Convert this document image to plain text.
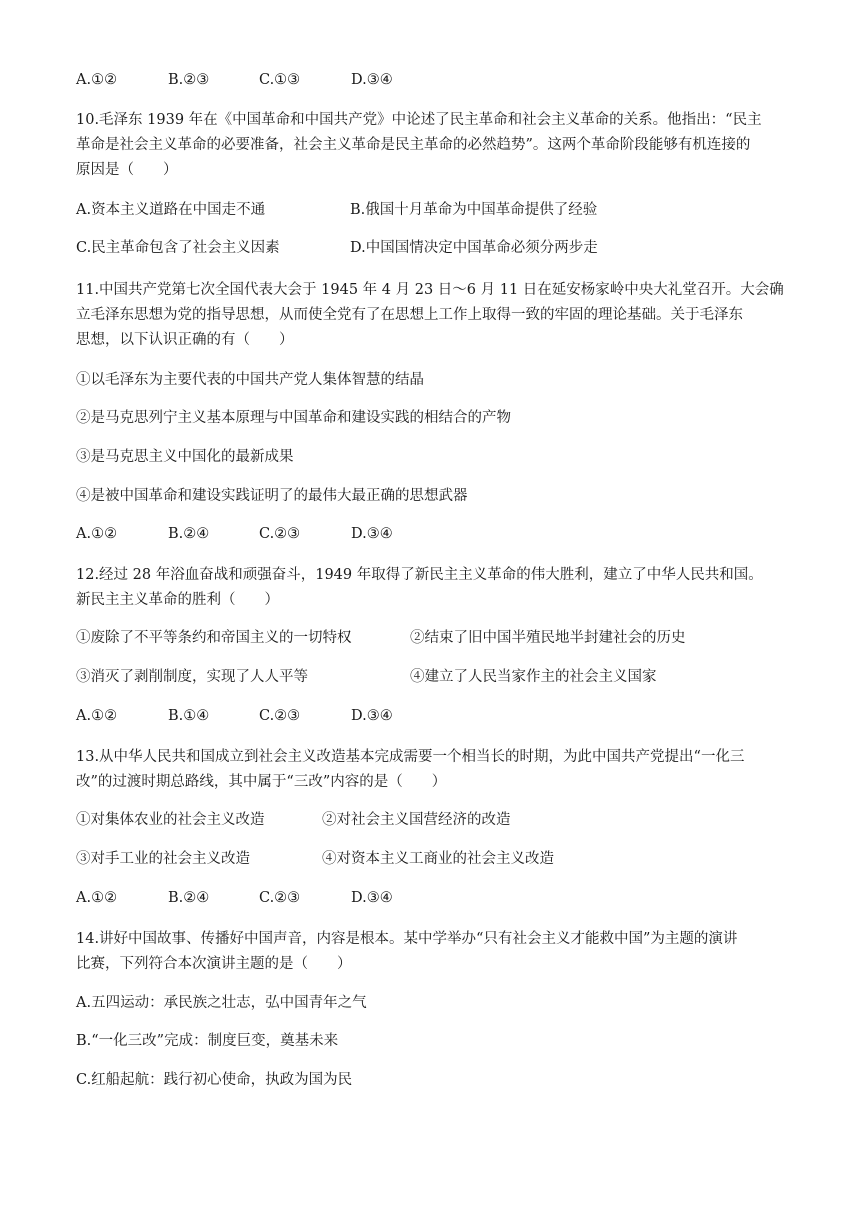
A.①②	B.②③	C.①③	D.③④
10.毛泽东 1939 年在《中国革命和中国共产党》中论述了民主革命和社会主义革命的关系。他指出：“民主
革命是社会主义革命的必要准备，社会主义革命是民主革命的必然趋势”。这两个革命阶段能够有机连接的
原因是（　　）
A.资本主义道路在中国走不通	B.俄国十月革命为中国革命提供了经验
C.民主革命包含了社会主义因素	D.中国国情决定中国革命必须分两步走
11.中国共产党第七次全国代表大会于 1945 年 4 月 23 日～6 月 11 日在延安杨家岭中央大礼堂召开。大会确
立毛泽东思想为党的指导思想，从而使全党有了在思想上工作上取得一致的牢固的理论基础。关于毛泽东
思想，以下认识正确的有（　　）
①以毛泽东为主要代表的中国共产党人集体智慧的结晶
②是马克思列宁主义基本原理与中国革命和建设实践的相结合的产物
③是马克思主义中国化的最新成果
④是被中国革命和建设实践证明了的最伟大最正确的思想武器
A.①②	B.②④	C.②③	D.③④
12.经过 28 年浴血奋战和顽强奋斗，1949 年取得了新民主主义革命的伟大胜利，建立了中华人民共和国。
新民主主义革命的胜利（　　）
①废除了不平等条约和帝国主义的一切特权	②结束了旧中国半殖民地半封建社会的历史
③消灭了剥削制度，实现了人人平等	④建立了人民当家作主的社会主义国家
A.①②	B.①④	C.②③	D.③④
13.从中华人民共和国成立到社会主义改造基本完成需要一个相当长的时期，为此中国共产党提出“一化三
改”的过渡时期总路线，其中属于“三改”内容的是（　　）
①对集体农业的社会主义改造	②对社会主义国营经济的改造
③对手工业的社会主义改造	④对资本主义工商业的社会主义改造
A.①②	B.②④	C.②③	D.③④
14.讲好中国故事、传播好中国声音，内容是根本。某中学举办“只有社会主义才能救中国”为主题的演讲
比赛，下列符合本次演讲主题的是（　　）
A.五四运动：承民族之壮志，弘中国青年之气
B.“一化三改”完成：制度巨变，奠基未来
C.红船起航：践行初心使命，执政为国为民
